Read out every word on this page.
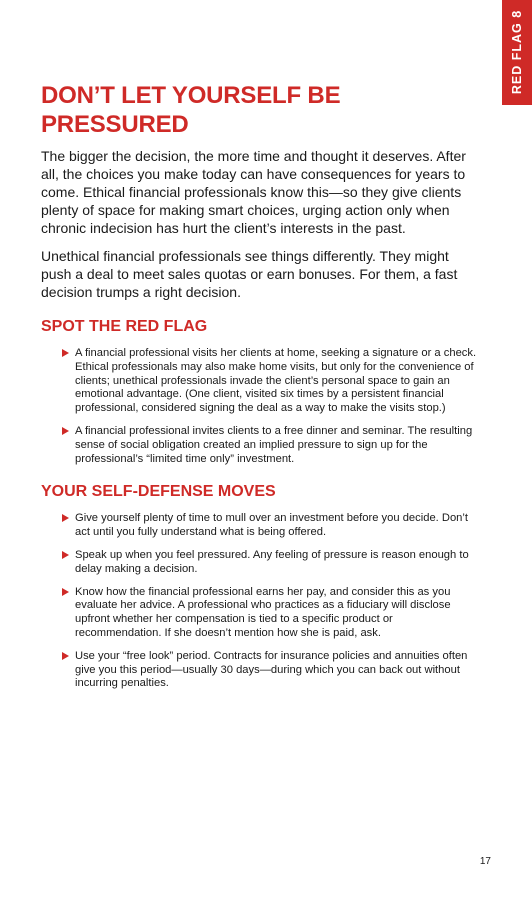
RED FLAG 8
DON’T LET YOURSELF BE PRESSURED

The bigger the decision, the more time and thought it deserves. After all, the choices you make today can have consequences for years to come. Ethical financial professionals know this—so they give clients plenty of space for making smart choices, urging action only when chronic indecision has hurt the client’s interests in the past.

Unethical financial professionals see things differently. They might push a deal to meet sales quotas or earn bonuses. For them, a fast decision trumps a right decision.

SPOT THE RED FLAG
A financial professional visits her clients at home, seeking a signature or a check. Ethical professionals may also make home visits, but only for the convenience of clients; unethical professionals invade the client’s personal space to gain an emotional advantage. (One client, visited six times by a persistent financial professional, considered signing the deal as a way to make the visits stop.)
A financial professional invites clients to a free dinner and seminar. The resulting sense of social obligation created an implied pressure to sign up for the professional’s “limited time only” investment.
YOUR SELF-DEFENSE MOVES
Give yourself plenty of time to mull over an investment before you decide. Don’t act until you fully understand what is being offered.
Speak up when you feel pressured. Any feeling of pressure is reason enough to delay making a decision.
Know how the financial professional earns her pay, and consider this as you evaluate her advice. A professional who practices as a fiduciary will disclose upfront whether her compensation is tied to a specific product or recommendation. If she doesn’t mention how she is paid, ask.
Use your “free look” period. Contracts for insurance policies and annuities often give you this period—usually 30 days—during which you can back out without incurring penalties.
17
